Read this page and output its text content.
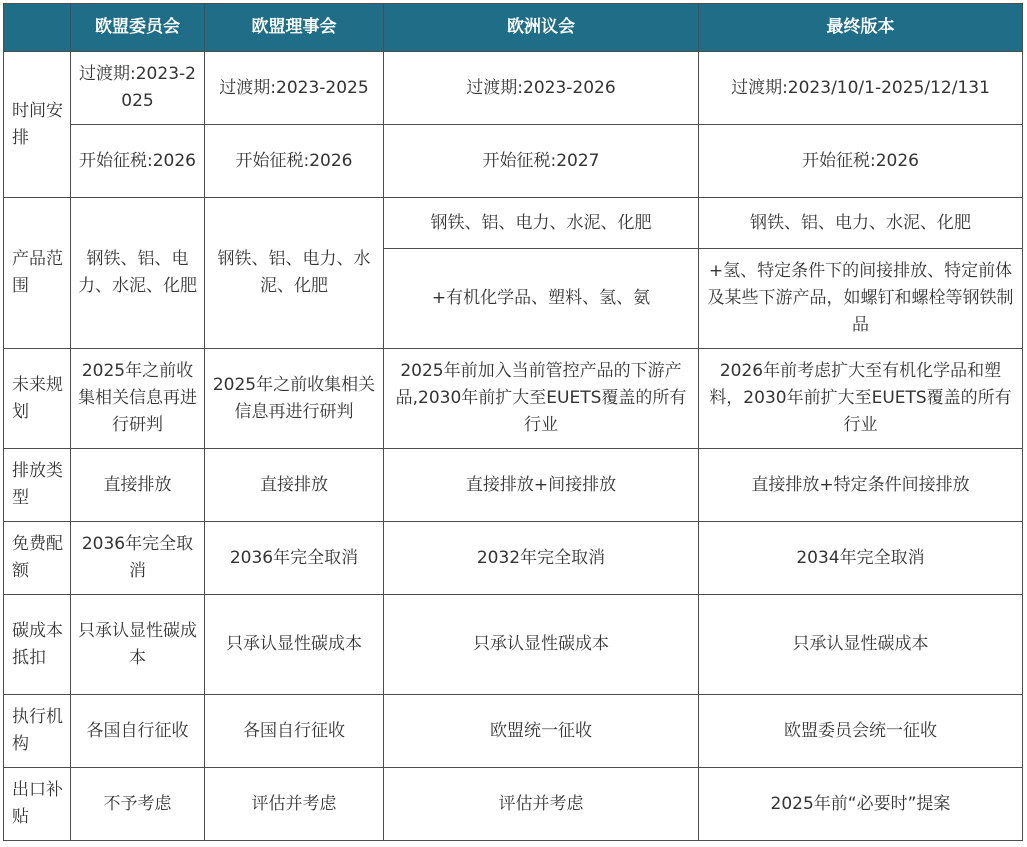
	欧盟委员会	欧盟理事会	欧洲议会	最终版本
时间安排	过渡期:2023-2025	过渡期:2023-2025	过渡期:2023-2026	过渡期:2023/10/1-2025/12/131
	开始征税:2026	开始征税:2026	开始征税:2027	开始征税:2026
产品范围	钢铁、铝、电力、水泥、化肥	钢铁、铝、电力、水泥、化肥	钢铁、铝、电力、水泥、化肥	钢铁、铝、电力、水泥、化肥
			+有机化学品、塑料、氢、氨	+氢、特定条件下的间接排放、特定前体及某些下游产品，如螺钉和螺栓等钢铁制品
未来规划	2025年之前收集相关信息再进行研判	2025年之前收集相关信息再进行研判	2025年前加入当前管控产品的下游产品,2030年前扩大至EUETS覆盖的所有行业	2026年前考虑扩大至有机化学品和塑料，2030年前扩大至EUETS覆盖的所有行业
排放类型	直接排放	直接排放	直接排放+间接排放	直接排放+特定条件间接排放
免费配额	2036年完全取消	2036年完全取消	2032年完全取消	2034年完全取消
碳成本抵扣	只承认显性碳成本	只承认显性碳成本	只承认显性碳成本	只承认显性碳成本
执行机构	各国自行征收	各国自行征收	欧盟统一征收	欧盟委员会统一征收
出口补贴	不予考虑	评估并考虑	评估并考虑	2025年前“必要时”提案
